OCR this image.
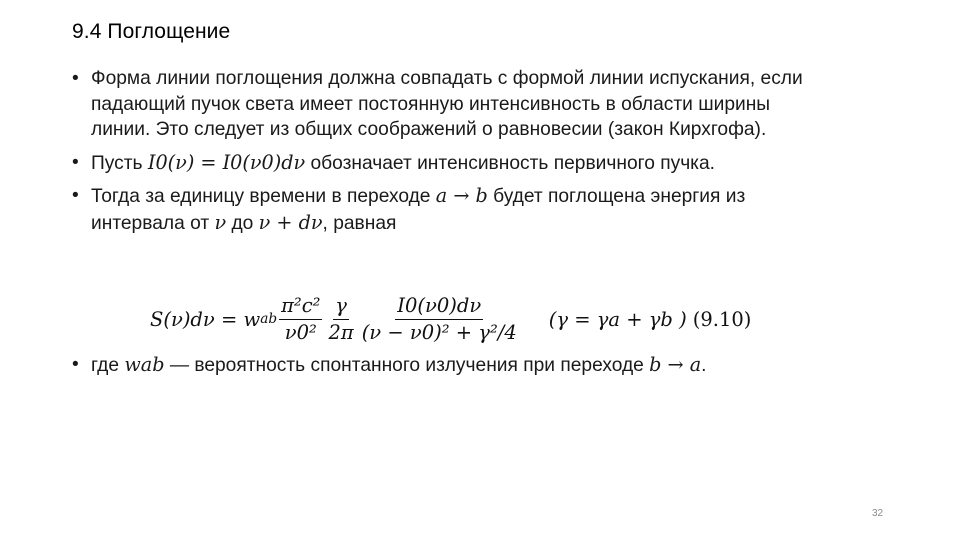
9.4 Поглощение
• Форма линии поглощения должна совпадать с формой линии испускания, если падающий пучок света имеет постоянную интенсивность в области ширины линии. Это следует из общих соображений о равновесии (закон Кирхгофа).
• Пусть I0(ν) = I0(ν0)dν обозначает интенсивность первичного пучка.
• Тогда за единицу времени в переходе a → b будет поглощена энергия из интервала от ν до ν + dν, равная
S(ν)dν = w ab $\frac{\text{π²c²}}{\text{ν0²}} \frac{\gamma}{2\pi} \frac{I0(\nu 0)d\nu}{\text{(ν − ν0)² + γ²/4}} (\gamma = \gamma a + \gamma b$ ) (9.10)
• где wab — вероятность спонтанного излучения при переходе b → a.
32
